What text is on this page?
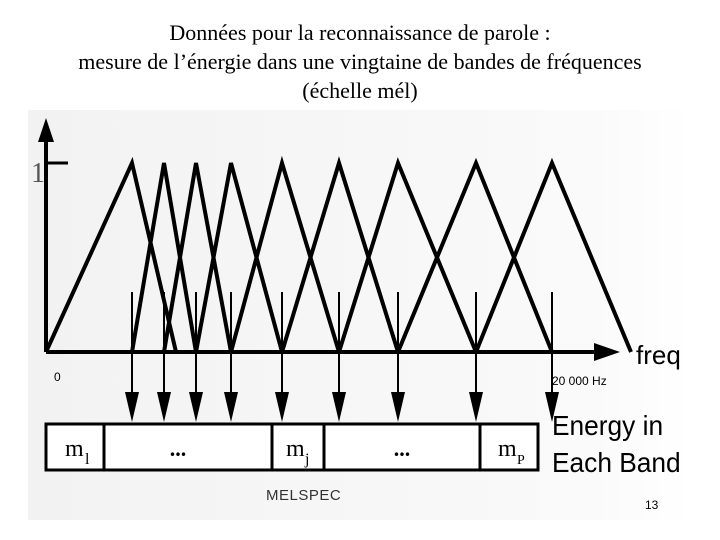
Données pour la reconnaissance de parole :
mesure de l’énergie dans une vingtaine de bandes de fréquences
(échelle mél)
1
freq
0	20 000 Hz
m l	...	m j	...	m P
Energy in
Each Band
MELSPEC
13
